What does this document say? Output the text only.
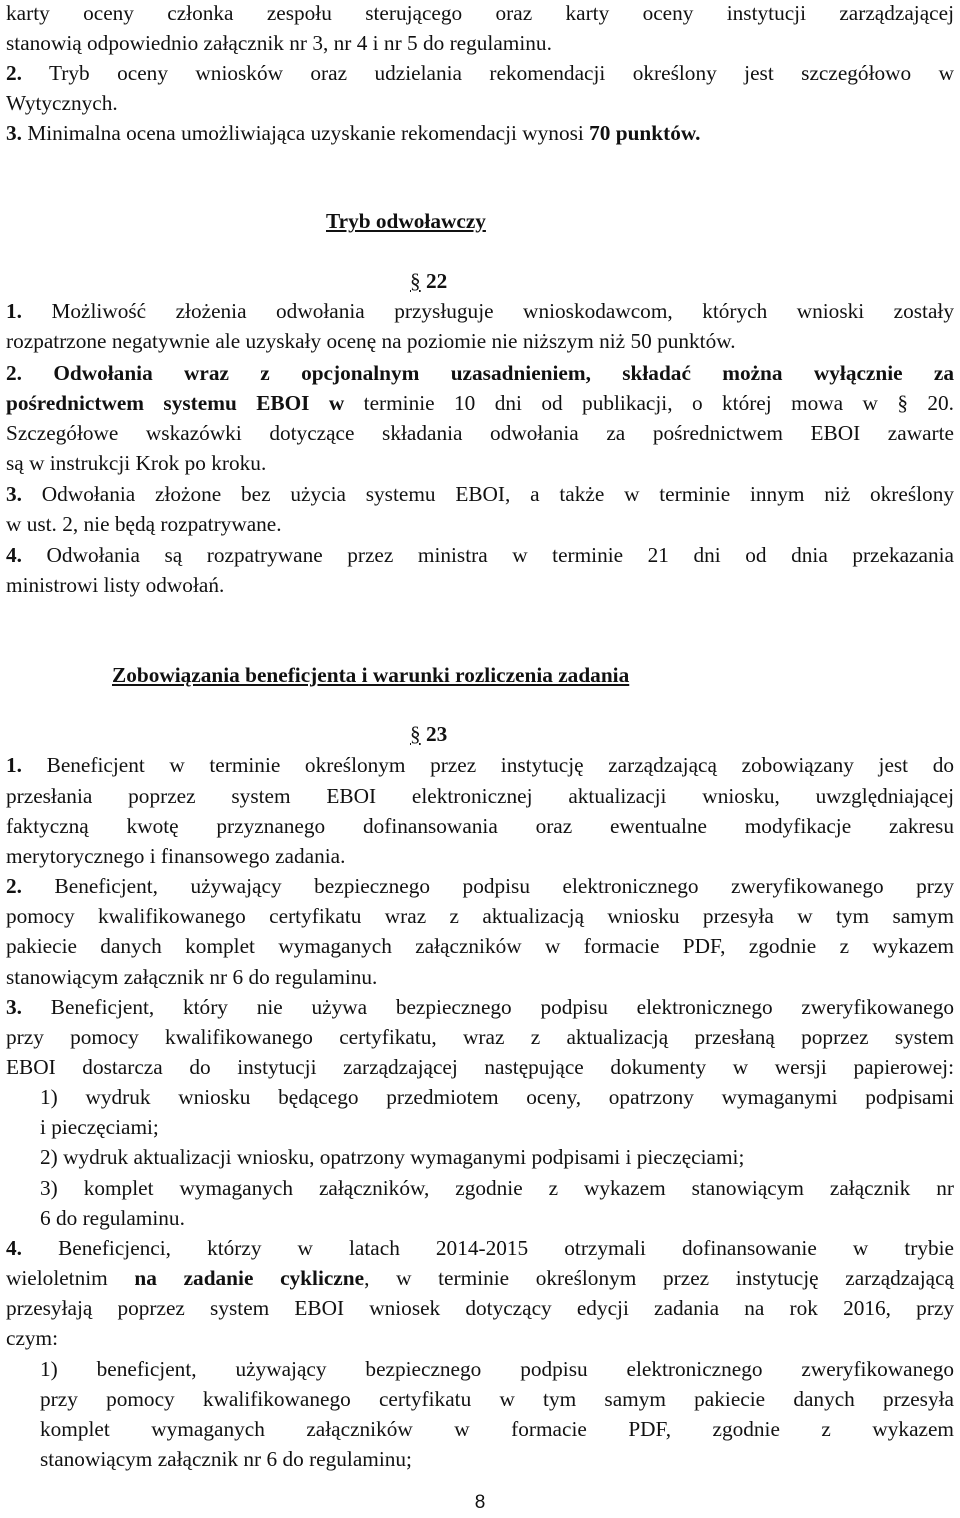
karty oceny członka zespołu sterującego oraz karty oceny instytucji zarządzającej
stanowią odpowiednio załącznik nr 3, nr 4 i nr 5 do regulaminu.
2. Tryb oceny wniosków oraz udzielania rekomendacji określony jest szczegółowo w
Wytycznych.
3. Minimalna ocena umożliwiająca uzyskanie rekomendacji wynosi 70 punktów.
Tryb odwoławczy
§ 22
1. Możliwość złożenia odwołania przysługuje wnioskodawcom, których wnioski zostały
rozpatrzone negatywnie ale uzyskały ocenę na poziomie nie niższym niż 50 punktów.
2. Odwołania wraz z opcjonalnym uzasadnieniem, składać można wyłącznie za
pośrednictwem systemu EBOI w terminie 10 dni od publikacji, o której mowa w § 20.
Szczegółowe wskazówki dotyczące składania odwołania za pośrednictwem EBOI zawarte
są w instrukcji Krok po kroku.
3. Odwołania złożone bez użycia systemu EBOI, a także w terminie innym niż określony
w ust. 2, nie będą rozpatrywane.
4. Odwołania są rozpatrywane przez ministra w terminie 21 dni od dnia przekazania
ministrowi listy odwołań.
Zobowiązania beneficjenta i warunki rozliczenia zadania
§ 23
1. Beneficjent w terminie określonym przez instytucję zarządzającą zobowiązany jest do
przesłania poprzez system EBOI elektronicznej aktualizacji wniosku, uwzględniającej
faktyczną kwotę przyznanego dofinansowania oraz ewentualne modyfikacje zakresu
merytorycznego i finansowego zadania.
2. Beneficjent, używający bezpiecznego podpisu elektronicznego zweryfikowanego przy
pomocy kwalifikowanego certyfikatu wraz z aktualizacją wniosku przesyła w tym samym
pakiecie danych komplet wymaganych załączników w formacie PDF, zgodnie z wykazem
stanowiącym załącznik nr 6 do regulaminu.
3. Beneficjent, który nie używa bezpiecznego podpisu elektronicznego zweryfikowanego
przy pomocy kwalifikowanego certyfikatu, wraz z aktualizacją przesłaną poprzez system
EBOI dostarcza do instytucji zarządzającej następujące dokumenty w wersji papierowej:
1) wydruk wniosku będącego przedmiotem oceny, opatrzony wymaganymi podpisami
i pieczęciami;
2) wydruk aktualizacji wniosku, opatrzony wymaganymi podpisami i pieczęciami;
3) komplet wymaganych załączników, zgodnie z wykazem stanowiącym załącznik nr
6 do regulaminu.
4. Beneficjenci, którzy w latach 2014-2015 otrzymali dofinansowanie w trybie
wieloletnim na zadanie cykliczne, w terminie określonym przez instytucję zarządzającą
przesyłają poprzez system EBOI wniosek dotyczący edycji zadania na rok 2016, przy
czym:
1) beneficjent, używający bezpiecznego podpisu elektronicznego zweryfikowanego
przy pomocy kwalifikowanego certyfikatu w tym samym pakiecie danych przesyła
komplet wymaganych załączników w formacie PDF, zgodnie z wykazem
stanowiącym załącznik nr 6 do regulaminu;
8
